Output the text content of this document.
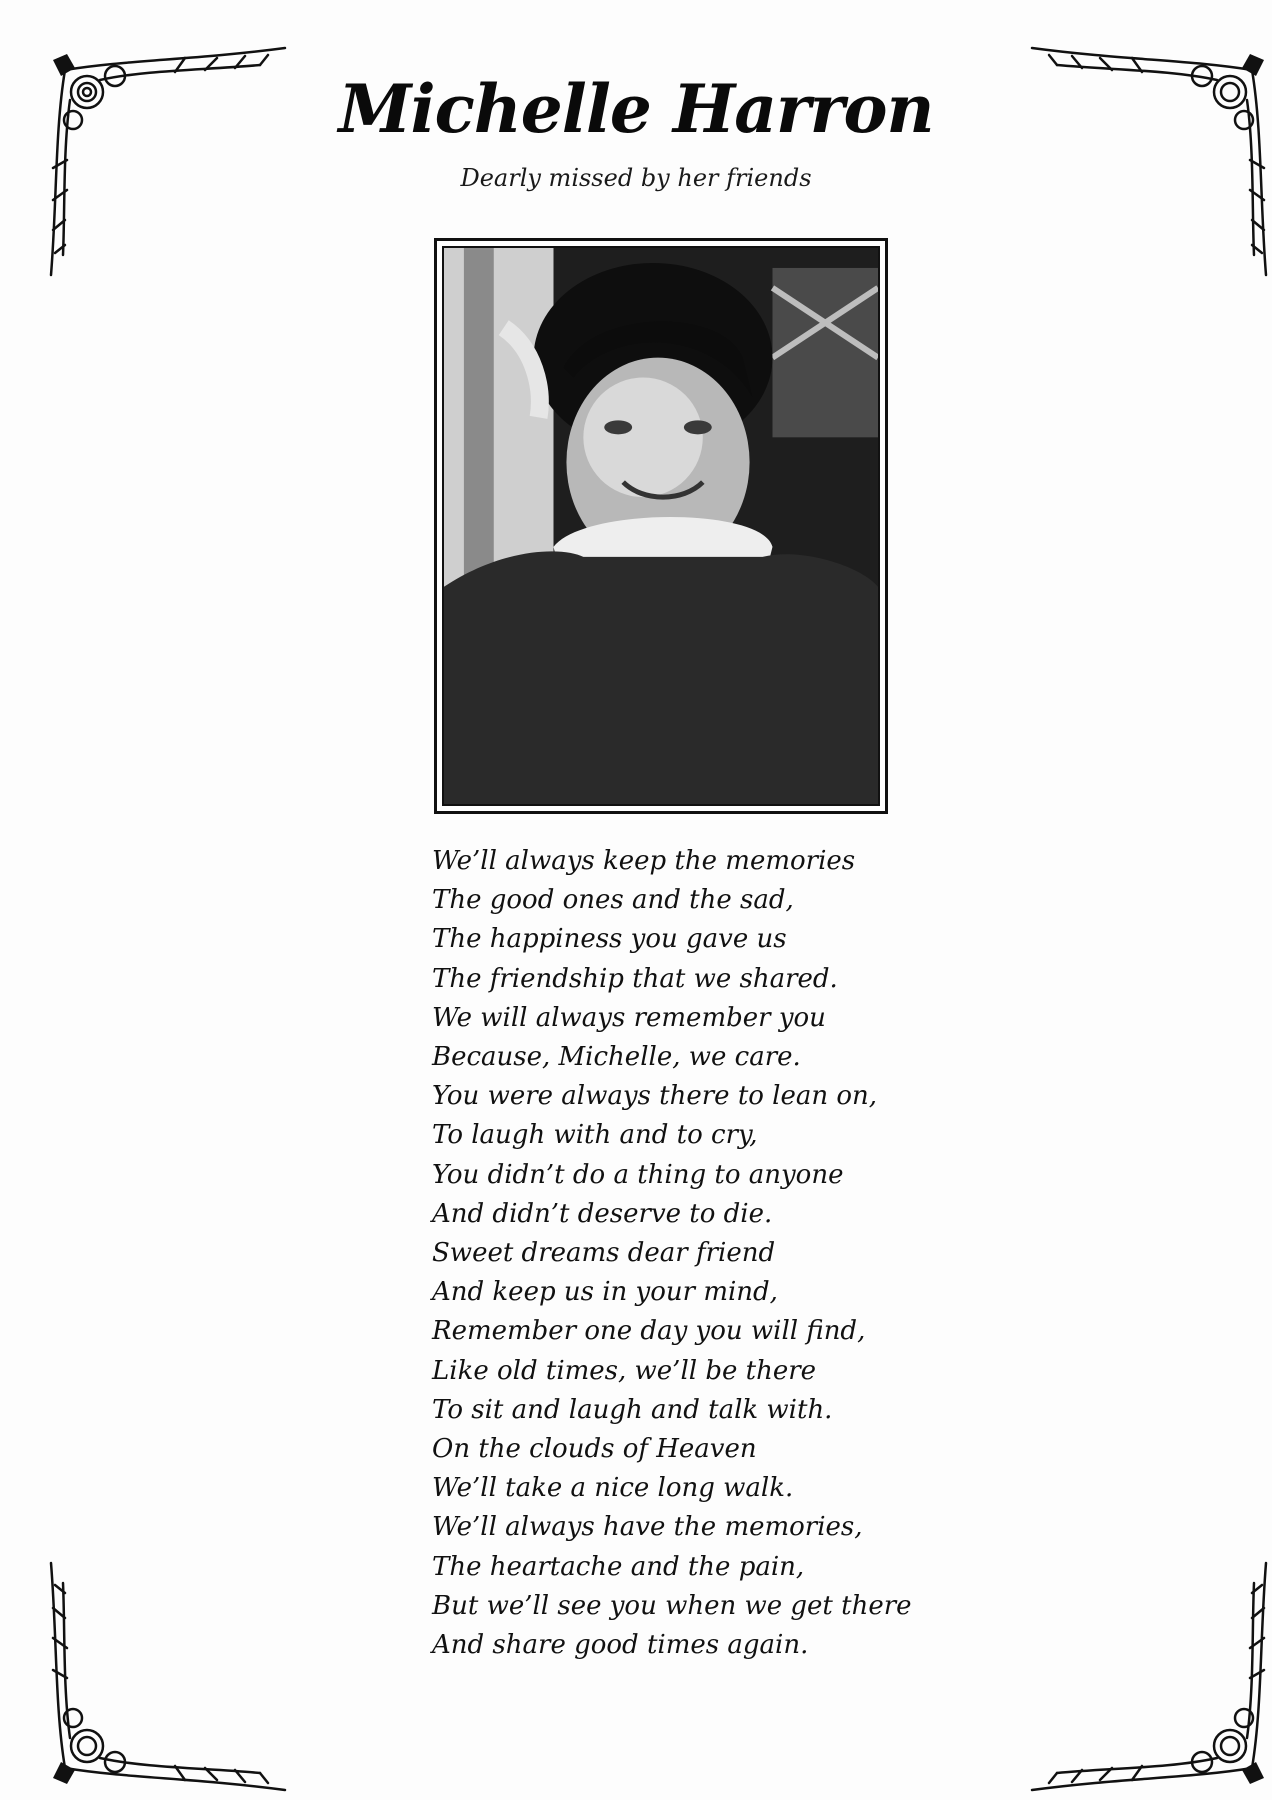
Michelle Harron
Dearly missed by her friends
We’ll always keep the memories
The good ones and the sad,
The happiness you gave us
The friendship that we shared.
We will always remember you
Because, Michelle, we care.
You were always there to lean on,
To laugh with and to cry,
You didn’t do a thing to anyone
And didn’t deserve to die.
Sweet dreams dear friend
And keep us in your mind,
Remember one day you will find,
Like old times, we’ll be there
To sit and laugh and talk with.
On the clouds of Heaven
We’ll take a nice long walk.
We’ll always have the memories,
The heartache and the pain,
But we’ll see you when we get there
And share good times again.
